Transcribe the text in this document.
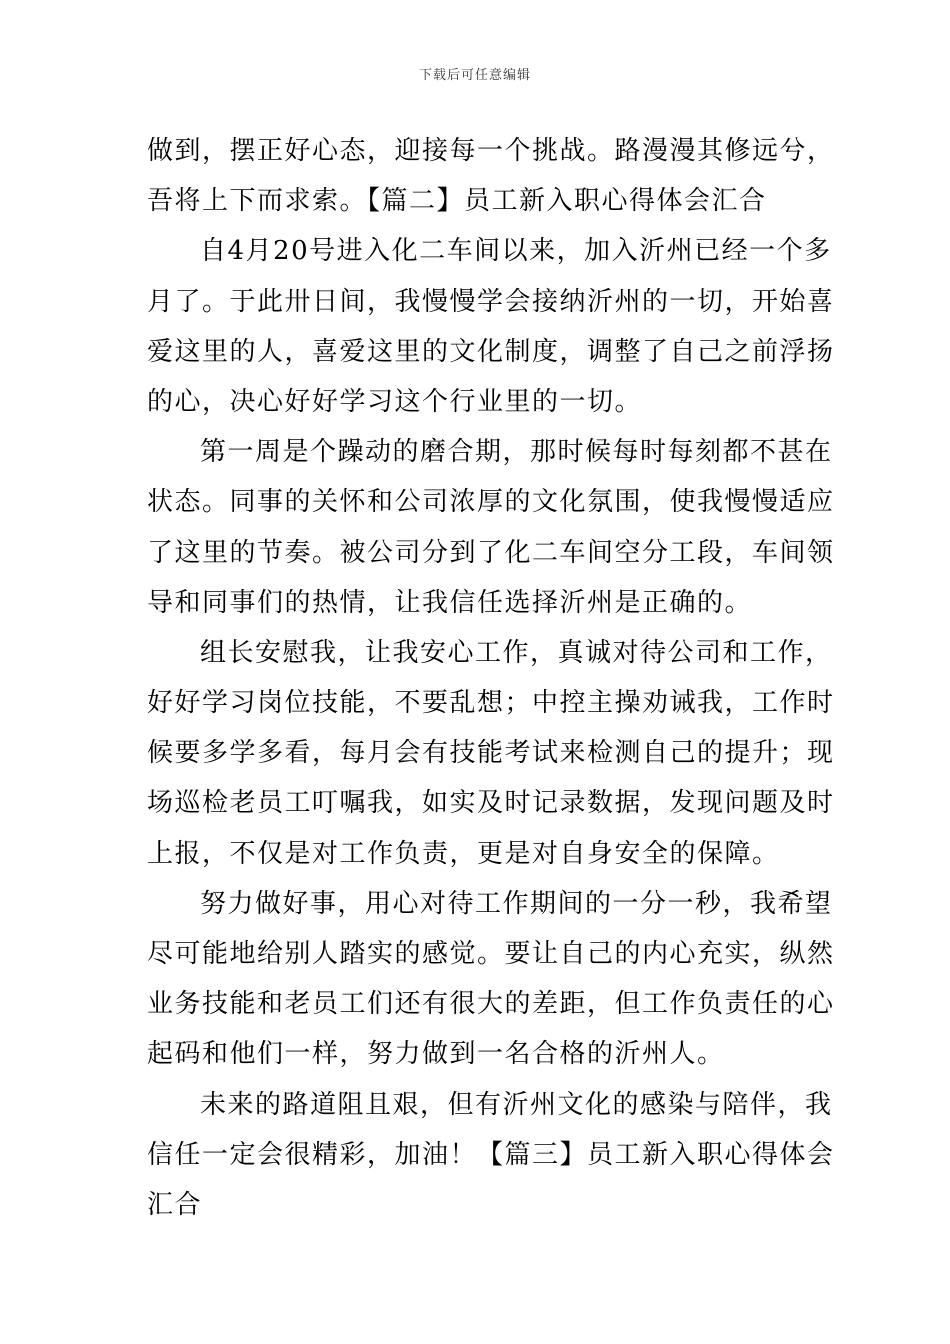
下载后可任意编辑
做到，摆正好心态，迎接每一个挑战。路漫漫其修远兮，
吾将上下而求索。【篇二】员工新入职心得体会汇合
自4月20号进入化二车间以来，加入沂州已经一个多
月了。于此卅日间，我慢慢学会接纳沂州的一切，开始喜
爱这里的人，喜爱这里的文化制度，调整了自己之前浮扬
的心，决心好好学习这个行业里的一切。
第一周是个躁动的磨合期，那时候每时每刻都不甚在
状态。同事的关怀和公司浓厚的文化氛围，使我慢慢适应
了这里的节奏。被公司分到了化二车间空分工段，车间领
导和同事们的热情，让我信任选择沂州是正确的。
组长安慰我，让我安心工作，真诚对待公司和工作，
好好学习岗位技能，不要乱想；中控主操劝诫我，工作时
候要多学多看，每月会有技能考试来检测自己的提升；现
场巡检老员工叮嘱我，如实及时记录数据，发现问题及时
上报，不仅是对工作负责，更是对自身安全的保障。
努力做好事，用心对待工作期间的一分一秒，我希望
尽可能地给别人踏实的感觉。要让自己的内心充实，纵然
业务技能和老员工们还有很大的差距，但工作负责任的心
起码和他们一样，努力做到一名合格的沂州人。
未来的路道阻且艰，但有沂州文化的感染与陪伴，我
信任一定会很精彩，加油！【篇三】员工新入职心得体会
汇合
